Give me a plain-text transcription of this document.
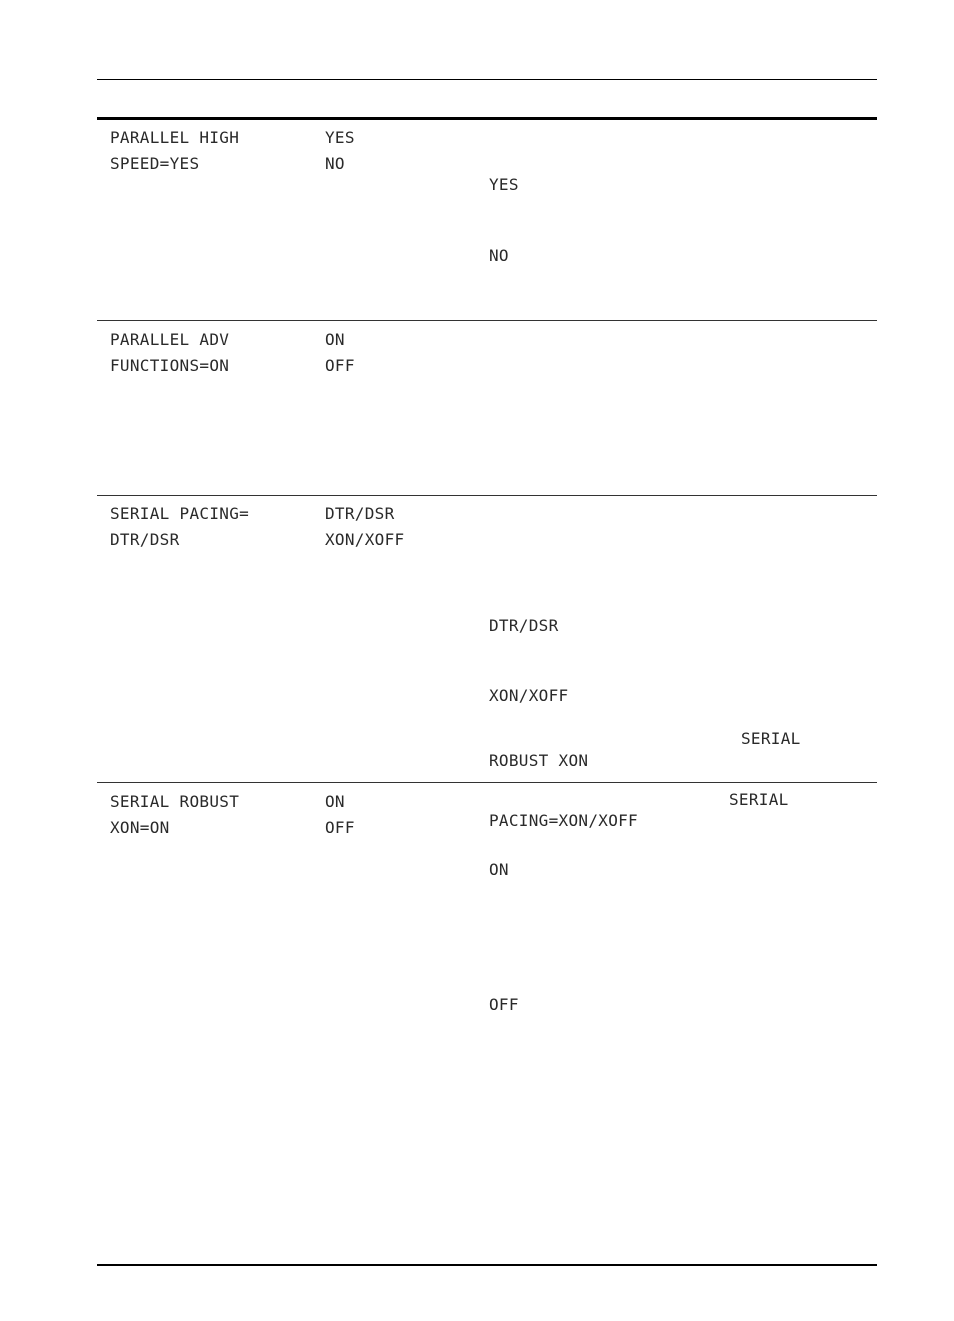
PARALLEL HIGH
SPEED=YES
YES
NO
YES
NO
PARALLEL ADV
FUNCTIONS=ON
ON
OFF
SERIAL PACING=
DTR/DSR
DTR/DSR
XON/XOFF
DTR/DSR
XON/XOFF
SERIAL
ROBUST XON
SERIAL ROBUST
XON=ON
ON
OFF
SERIAL
PACING=XON/XOFF
ON
OFF
